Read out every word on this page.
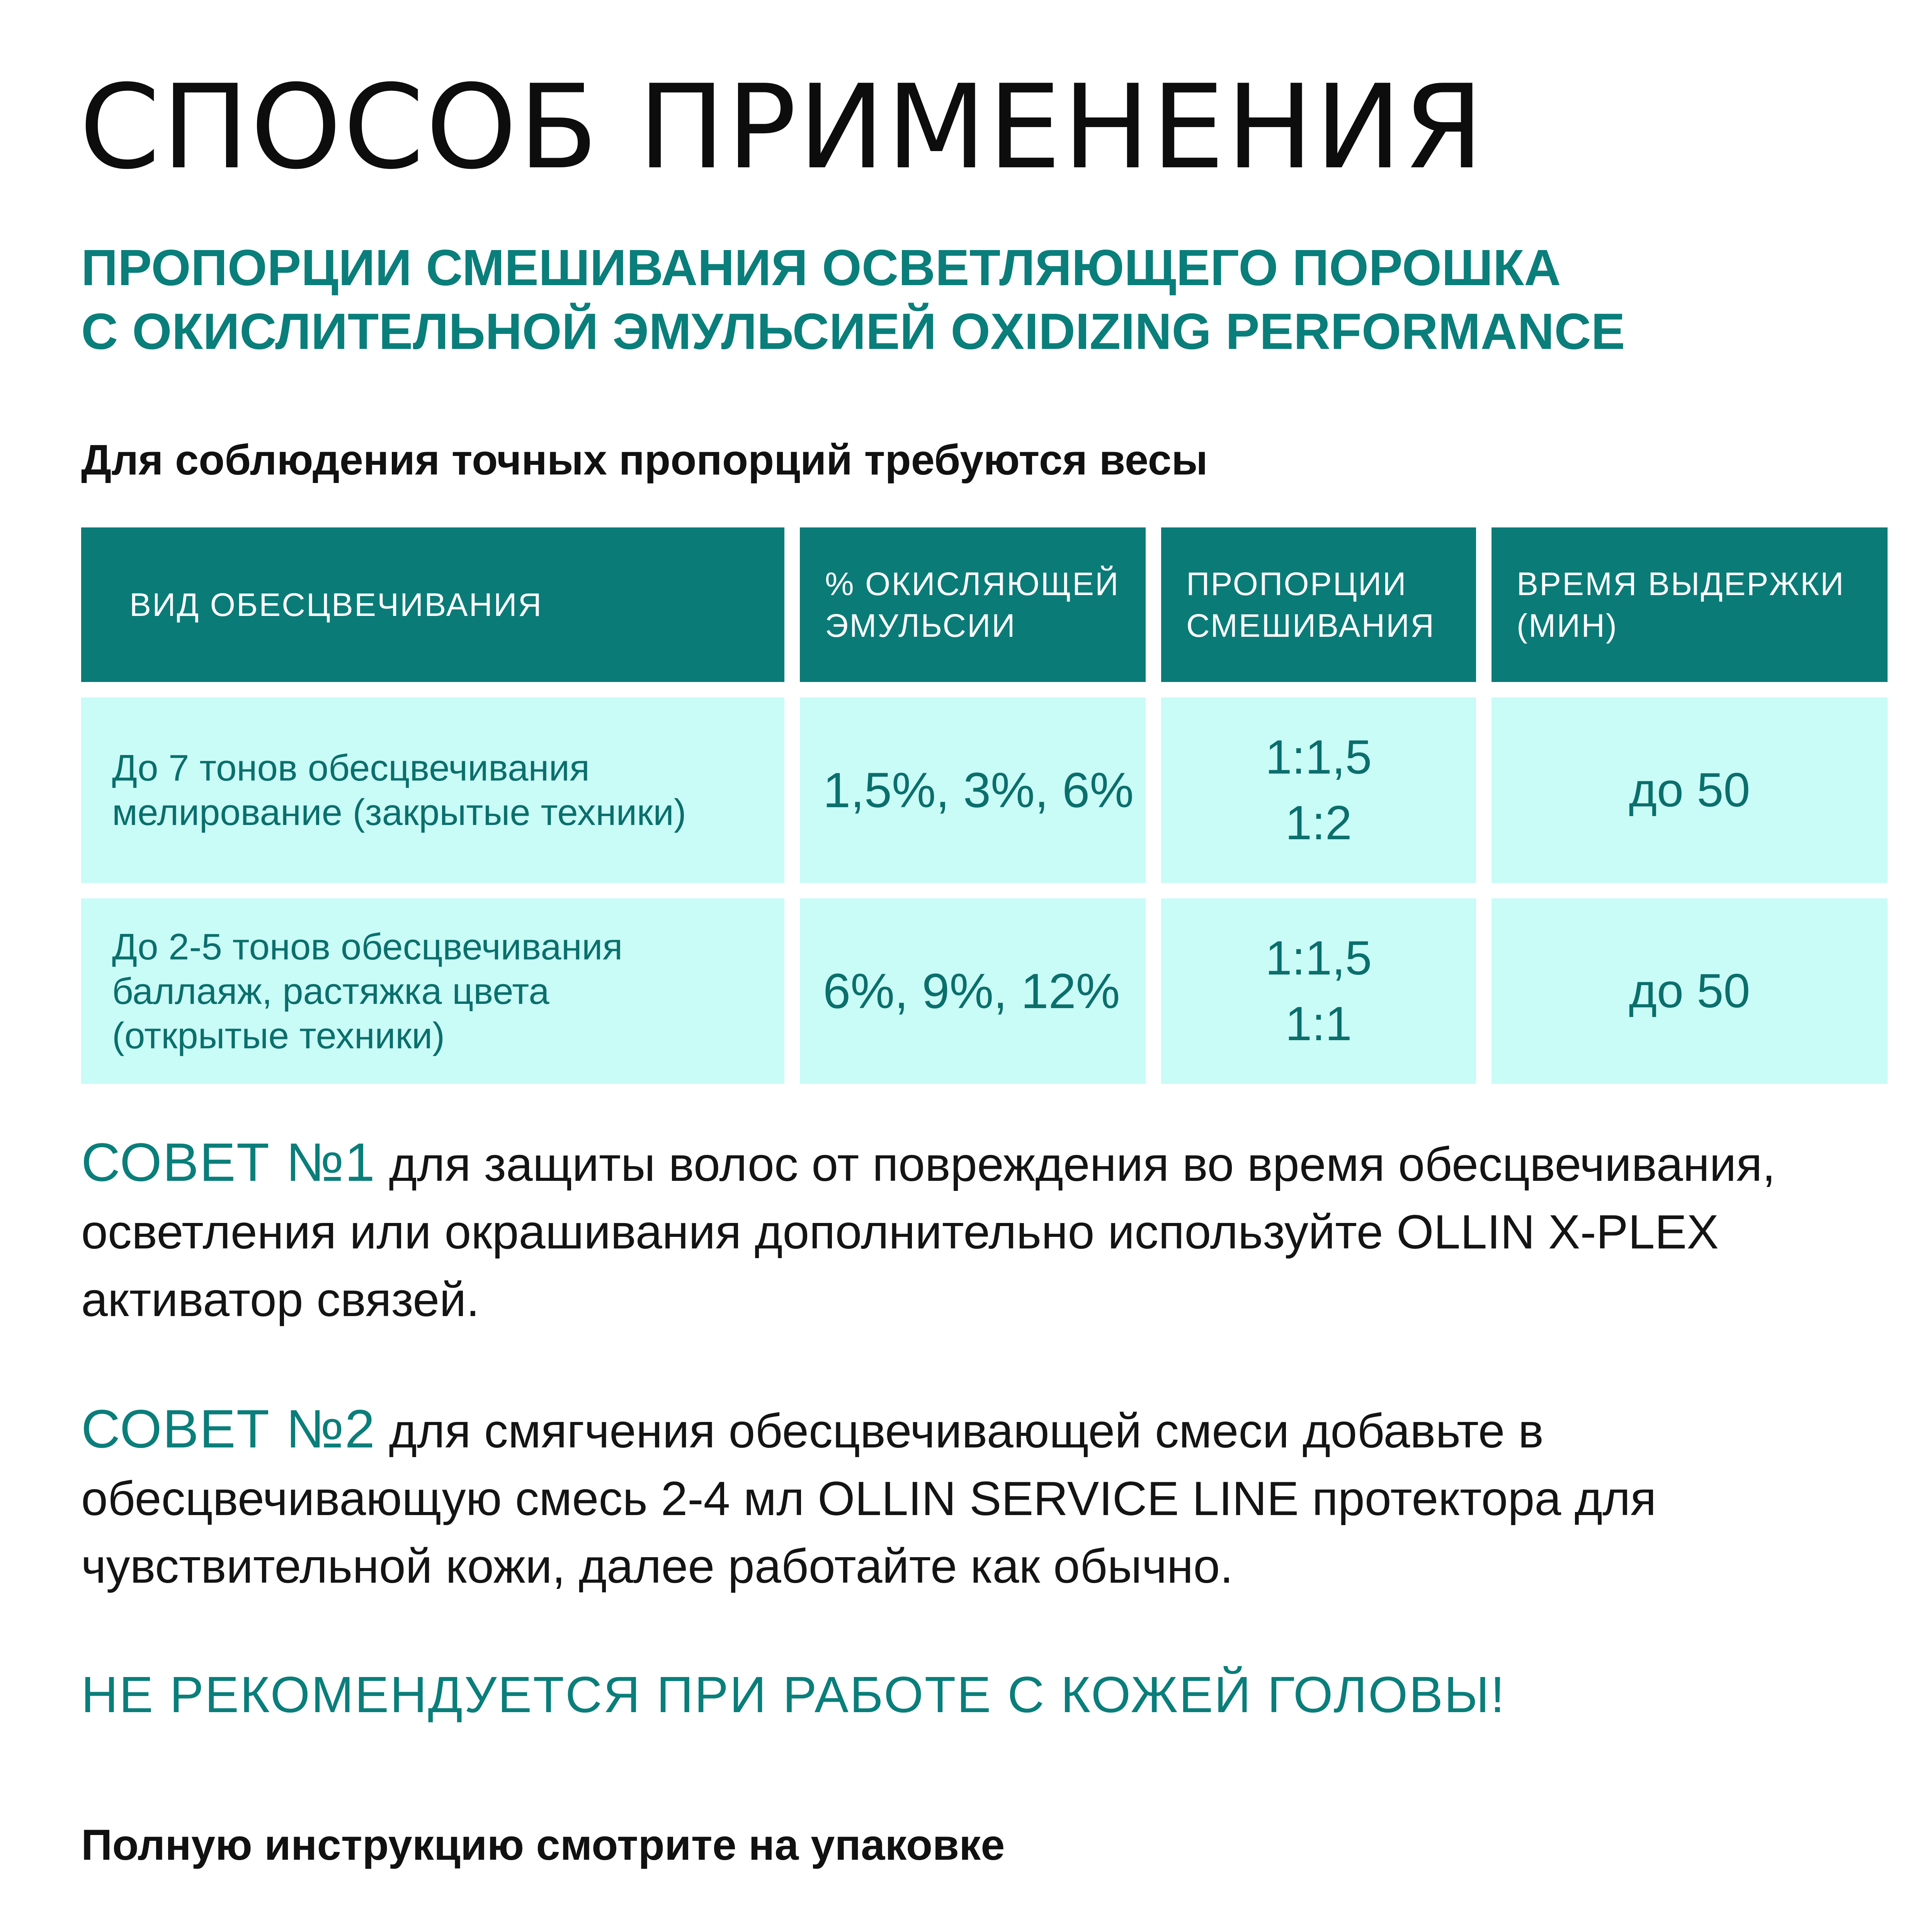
СПОСОБ ПРИМЕНЕНИЯ
ПРОПОРЦИИ СМЕШИВАНИЯ ОСВЕТЛЯЮЩЕГО ПОРОШКА
С ОКИСЛИТЕЛЬНОЙ ЭМУЛЬСИЕЙ OXIDIZING PERFORMANCE

Для соблюдения точных пропорций требуются весы

ВИД ОБЕСЦВЕЧИВАНИЯ
% ОКИСЛЯЮЩЕЙ
ЭМУЛЬСИИ
ПРОПОРЦИИ
СМЕШИВАНИЯ
ВРЕМЯ ВЫДЕРЖКИ
(МИН)
До 7 тонов обесцвечивания
мелирование (закрытые техники)	1,5%, 3%, 6%
1:1,5
1:2
до 50
До 2-5 тонов обесцвечивания
баллаяж, растяжка цвета
(открытые техники)
6%, 9%, 12%
1:1,5
1:1
до 50

СОВЕТ №1 для защиты волос от повреждения во время обесцвечивания, осветления или окрашивания дополнительно используйте OLLIN X-PLEX активатор связей.

СОВЕТ №2 для смягчения обесцвечивающей смеси добавьте в обесцвечивающую смесь 2-4 мл OLLIN SERVICE LINE протектора для чувствительной кожи, далее работайте как обычно.

НЕ РЕКОМЕНДУЕТСЯ ПРИ РАБОТЕ С КОЖЕЙ ГОЛОВЫ!

Полную инструкцию смотрите на упаковке
